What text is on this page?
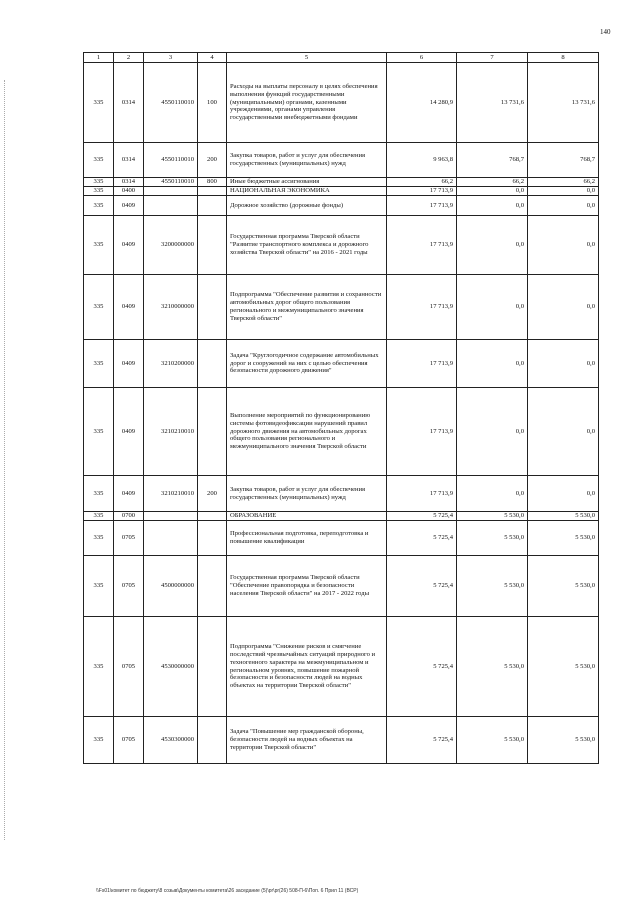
140
1	2	3	4	5	6	7	8
335	0314	4550110010	100	Расходы на выплаты персоналу в целях обеспечения выполнения функций государственными (муниципальными) органами, казенными учреждениями, органами управления государственными внебюджетными фондами	14 280,9	13 731,6	13 731,6
335	0314	4550110010	200	Закупка товаров, работ и услуг для обеспечения государственных (муниципальных) нужд	9 963,8	768,7	768,7
335	0314	4550110010	800	Иные бюджетные ассигнования	66,2	66,2	66,2
335	0400			НАЦИОНАЛЬНАЯ ЭКОНОМИКА	17 713,9	0,0	0,0
335	0409			Дорожное хозяйство (дорожные фонды)	17 713,9	0,0	0,0
335	0409	3200000000		Государственная программа Тверской области "Развитие транспортного комплекса и дорожного хозяйства Тверской области" на 2016 - 2021 годы	17 713,9	0,0	0,0
335	0409	3210000000		Подпрограмма "Обеспечение развития и сохранности автомобильных дорог общего пользования регионального и межмуниципального значения Тверской области"	17 713,9	0,0	0,0
335	0409	3210200000		Задача "Круглогодичное содержание автомобильных дорог и сооружений на них с целью обеспечения безопасности дорожного движения"	17 713,9	0,0	0,0
335	0409	3210210010		Выполнение мероприятий по функционированию системы фотовидеофиксации нарушений правил дорожного движения на автомобильных дорогах общего пользования регионального и межмуниципального значения Тверской области	17 713,9	0,0	0,0
335	0409	3210210010	200	Закупка товаров, работ и услуг для обеспечения государственных (муниципальных) нужд	17 713,9	0,0	0,0
335	0700			ОБРАЗОВАНИЕ	5 725,4	5 530,0	5 530,0
335	0705			Профессиональная подготовка, переподготовка и повышение квалификации	5 725,4	5 530,0	5 530,0
335	0705	4500000000		Государственная программа Тверской области "Обеспечение правопорядка и безопасности населения Тверской области" на 2017 - 2022 годы	5 725,4	5 530,0	5 530,0
335	0705	4530000000		Подпрограмма "Снижение рисков и смягчение последствий чрезвычайных ситуаций природного и техногенного характера на межмуниципальном и региональном уровнях, повышение пожарной безопасности и безопасности людей на водных объектах на территории Тверской области"	5 725,4	5 530,0	5 530,0
335	0705	4530300000		Задача "Повышение мер гражданской обороны, безопасности людей на водных объектах на территории Тверской области"	5 725,4	5 530,0	5 530,0
\\Fs01\комитет по бюджету\8 созыв\Документы комитета\26 заседание (5)\pr\pr(26) 508-П-6\Поп. 6 Прил 11 (ВСР)
